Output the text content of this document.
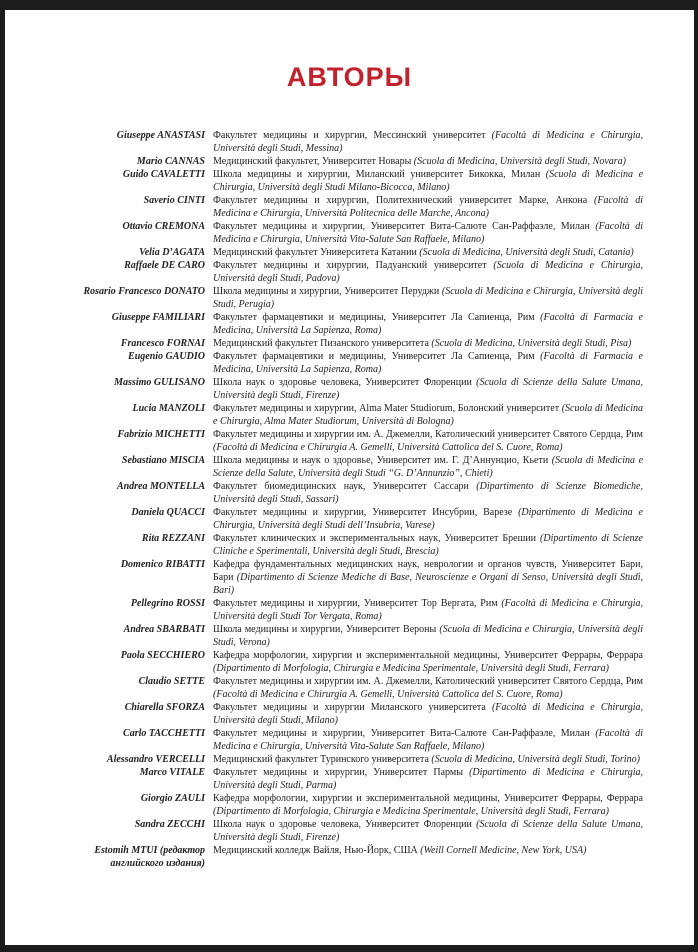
АВТОРЫ
Giuseppe ANASTASI Факультет медицины и хирургии, Мессинский университет (Facoltà di Medicina e Chirurgia, Università degli Studi, Messina)
Mario CANNAS Медицинский факультет, Университет Новары (Scuola di Medicina, Università degli Studi, Novara)
Guido CAVALETTI Школа медицины и хирургии, Миланский университет Бикокка, Милан (Scuola di Medicina e Chirurgia, Università degli Studi Milano-Bicocca, Milano)
Saverio CINTI Факультет медицины и хирургии, Политехнический университет Марке, Анкона (Facoltà di Medicina e Chirurgia, Università Politecnica delle Marche, Ancona)
Ottavio CREMONA Факультет медицины и хирургии, Университет Вита-Салюте Сан-Раффаэле, Милан (Facoltà di Medicina e Chirurgia, Università Vita-Salute San Raffaele, Milano)
Velia D’AGATA Медицинский факультет Университета Катании (Scuola di Medicina, Università degli Studi, Catania)
Raffaele DE CARO Факультет медицины и хирургии, Падуанский университет (Scuola di Medicina e Chirurgia, Università degli Studi, Padova)
Rosario Francesco DONATO Школа медицины и хирургии, Университет Перуджи (Scuola di Medicina e Chirurgia, Università degli Studi, Perugia)
Giuseppe FAMILIARI Факультет фармацевтики и медицины, Университет Ла Сапиенца, Рим (Facoltà di Farmacia e Medicina, Università La Sapienza, Roma)
Francesco FORNAI Медицинский факультет Пизанского университета (Scuola di Medicina, Università degli Studi, Pisa)
Eugenio GAUDIO Факультет фармацевтики и медицины, Университет Ла Сапиенца, Рим (Facoltà di Farmacia e Medicina, Università La Sapienza, Roma)
Massimo GULISANO Школа наук о здоровье человека, Университет Флоренции (Scuola di Scienze della Salute Umana, Università degli Studi, Firenze)
Lucia MANZOLI Факультет медицины и хирургии, Alma Mater Studiorum, Болонский университет (Scuola di Medicina e Chirurgia, Alma Mater Studiorum, Università di Bologna)
Fabrizio MICHETTI Факультет медицины и хирургии им. А. Джемелли, Католический университет Святого Сердца, Рим (Facoltà di Medicina e Chirurgia A. Gemelli, Università Cattolica del S. Cuore, Roma)
Sebastiano MISCIA Школа медицины и наук о здоровье, Университет им. Г. Д’Аннунцио, Кьети (Scuola di Medicina e Scienze della Salute, Università degli Studi “G. D’Annunzio”, Chieti)
Andrea MONTELLA Факультет биомедицинских наук, Университет Сассари (Dipartimento di Scienze Biomediche, Università degli Studi, Sassari)
Daniela QUACCI Факультет медицины и хирургии, Университет Инсубрии, Варезе (Dipartimento di Medicina e Chirurgia, Università degli Studi dell’Insubria, Varese)
Rita REZZANI Факультет клинических и экспериментальных наук, Университет Брешии (Dipartimento di Scienze Cliniche e Sperimentali, Università degli Studi, Brescia)
Domenico RIBATTI Кафедра фундаментальных медицинских наук, неврологии и органов чувств, Университет Бари, Бари (Dipartimento di Scienze Mediche di Base, Neuroscienze e Organi di Senso, Università degli Studi, Bari)
Pellegrino ROSSI Факультет медицины и хирургии, Университет Тор Вергата, Рим (Facoltà di Medicina e Chirurgia, Università degli Studi Tor Vergata, Roma)
Andrea SBARBATI Школа медицины и хирургии, Университет Вероны (Scuola di Medicina e Chirurgia, Università degli Studi, Verona)
Paola SECCHIERO Кафедра морфологии, хирургии и экспериментальной медицины, Университет Феррары, Феррара (Dipartimento di Morfologia, Chirurgia e Medicina Sperimentale, Università degli Studi, Ferrara)
Claudio SETTE Факультет медицины и хирургии им. А. Джемелли, Католический университет Святого Сердца, Рим (Facoltà di Medicina e Chirurgia A. Gemelli, Università Cattolica del S. Cuore, Roma)
Chiarella SFORZA Факультет медицины и хирургии Миланского университета (Facoltà di Medicina e Chirurgia, Università degli Studi, Milano)
Carlo TACCHETTI Факультет медицины и хирургии, Университет Вита-Салюте Сан-Раффаэле, Милан (Facoltà di Medicina e Chirurgia, Università Vita-Salute San Raffaele, Milano)
Alessandro VERCELLI Медицинский факультет Туринского университета (Scuola di Medicina, Università degli Studi, Torino)
Marco VITALE Факультет медицины и хирургии, Университет Пармы (Dipartimento di Medicina e Chirurgia, Università degli Studi, Parma)
Giorgio ZAULI Кафедра морфологии, хирургии и экспериментальной медицины, Университет Феррары, Феррара (Dipartimento di Morfologia, Chirurgia e Medicina Sperimentale, Università degli Studi, Ferrara)
Sandra ZECCHI Школа наук о здоровье человека, Университет Флоренции (Scuola di Scienze della Salute Umana, Università degli Studi, Firenze)
Estomih MTUI (редактор английского издания)
Медицинский колледж Вайля, Нью-Йорк, США (Weill Cornell Medicine, New York, USA)
